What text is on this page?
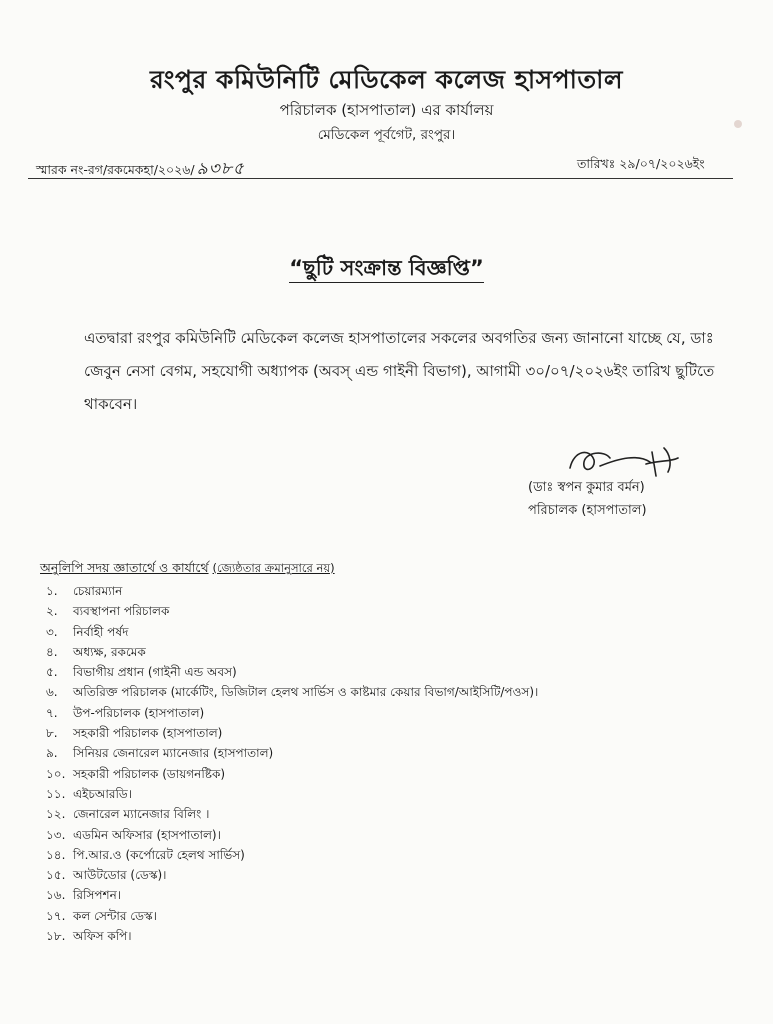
রংপুর কমিউনিটি মেডিকেল কলেজ হাসপাতাল
পরিচালক (হাসপাতাল) এর কার্যালয়
মেডিকেল পূর্বগেট, রংপুর।
স্মারক নং-রগ/রকমেকহা/২০২৬/ ৯৩৮৫	তারিখঃ ২৯/০৭/২০২৬ইং
“ছুটি সংক্রান্ত বিজ্ঞপ্তি”
এতদ্বারা রংপুর কমিউনিটি মেডিকেল কলেজ হাসপাতালের সকলের অবগতির জন্য জানানো যাচ্ছে যে, ডাঃ জেবুন নেসা বেগম, সহযোগী অধ্যাপক (অবস্ এন্ড গাইনী বিভাগ), আগামী ৩০/০৭/২০২৬ইং তারিখ ছুটিতে থাকবেন।
(ডাঃ স্বপন কুমার বর্মন)
পরিচালক (হাসপাতাল)
অনুলিপি সদয় জ্ঞাতার্থে ও কার্যার্থে (জ্যেষ্ঠতার ক্রমানুসারে নয়)
১. চেয়ারম্যান
২. ব্যবস্থাপনা পরিচালক
৩. নির্বাহী পর্ষদ
৪. অধ্যক্ষ, রকমেক
৫. বিভাগীয় প্রধান (গাইনী এন্ড অবস)
৬. অতিরিক্ত পরিচালক (মার্কেটিং, ডিজিটাল হেলথ সার্ভিস ও কাষ্টমার কেয়ার বিভাগ/আইসিটি/পওস)।
৭. উপ-পরিচালক (হাসপাতাল)
৮. সহকারী পরিচালক (হাসপাতাল)
৯. সিনিয়র জেনারেল ম্যানেজার (হাসপাতাল)
১০. সহকারী পরিচালক (ডায়গনষ্টিক)
১১. এইচআরডি।
১২. জেনারেল ম্যানেজার বিলিং ।
১৩. এডমিন অফিসার (হাসপাতাল)।
১৪. পি.আর.ও (কর্পোরেট হেলথ সার্ভিস)
১৫. আউটডোর (ডেস্ক)।
১৬. রিসিপশন।
১৭. কল সেন্টার ডেস্ক।
১৮. অফিস কপি।
